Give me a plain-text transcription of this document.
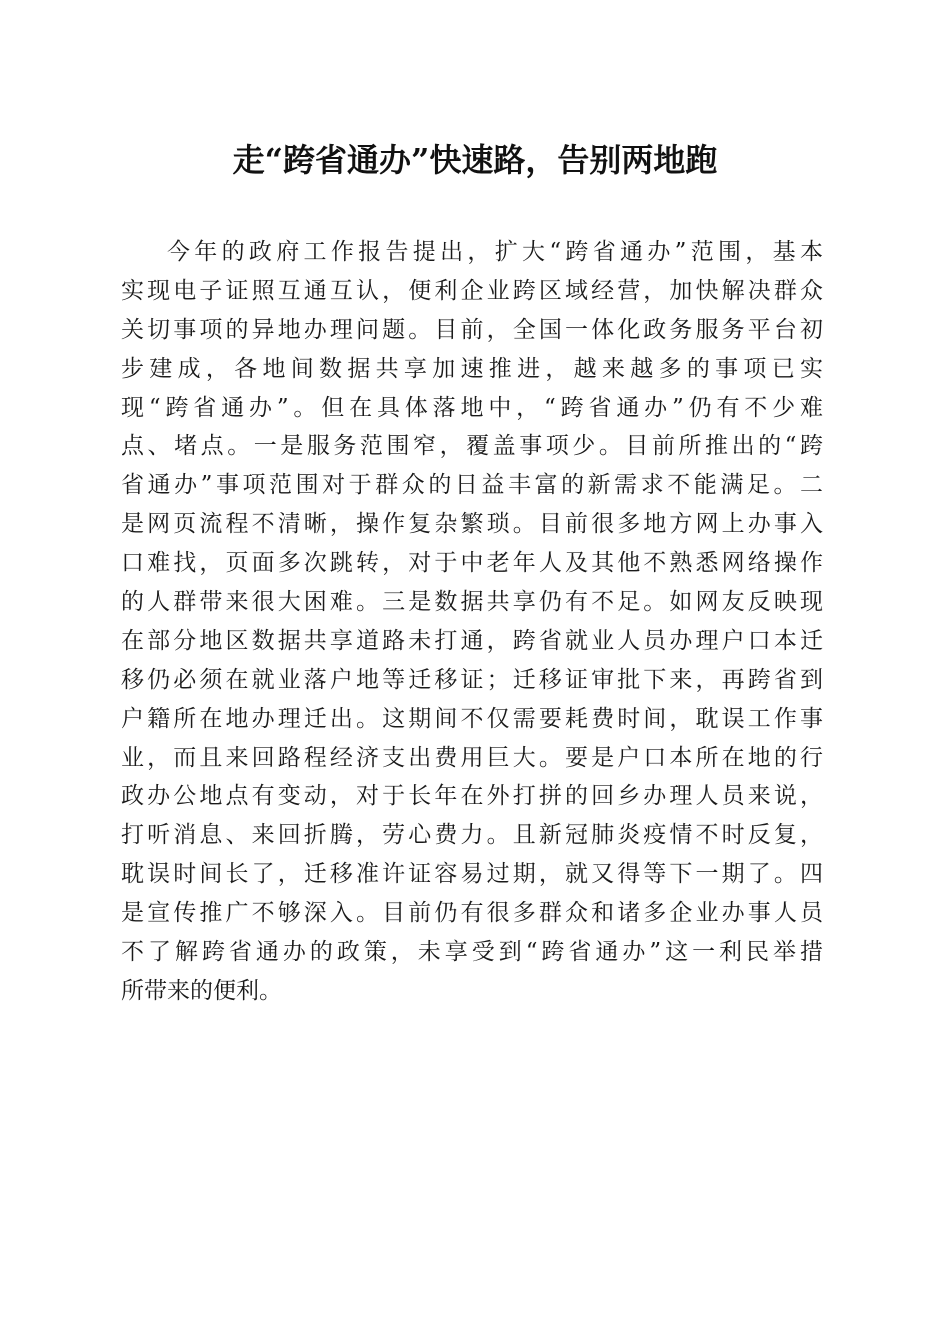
走“跨省通办”快速路，告别两地跑
今年的政府工作报告提出，扩大“跨省通办”范围，基本
实现电子证照互通互认，便利企业跨区域经营，加快解决群众
关切事项的异地办理问题。目前，全国一体化政务服务平台初
步建成，各地间数据共享加速推进，越来越多的事项已实
现“跨省通办”。但在具体落地中，“跨省通办”仍有不少难
点、堵点。一是服务范围窄，覆盖事项少。目前所推出的“跨
省通办”事项范围对于群众的日益丰富的新需求不能满足。二
是网页流程不清晰，操作复杂繁琐。目前很多地方网上办事入
口难找，页面多次跳转，对于中老年人及其他不熟悉网络操作
的人群带来很大困难。三是数据共享仍有不足。如网友反映现
在部分地区数据共享道路未打通，跨省就业人员办理户口本迁
移仍必须在就业落户地等迁移证；迁移证审批下来，再跨省到
户籍所在地办理迁出。这期间不仅需要耗费时间，耽误工作事
业，而且来回路程经济支出费用巨大。要是户口本所在地的行
政办公地点有变动，对于长年在外打拼的回乡办理人员来说，
打听消息、来回折腾，劳心费力。且新冠肺炎疫情不时反复，
耽误时间长了，迁移准许证容易过期，就又得等下一期了。四
是宣传推广不够深入。目前仍有很多群众和诸多企业办事人员
不了解跨省通办的政策，未享受到“跨省通办”这一利民举措
所带来的便利。
